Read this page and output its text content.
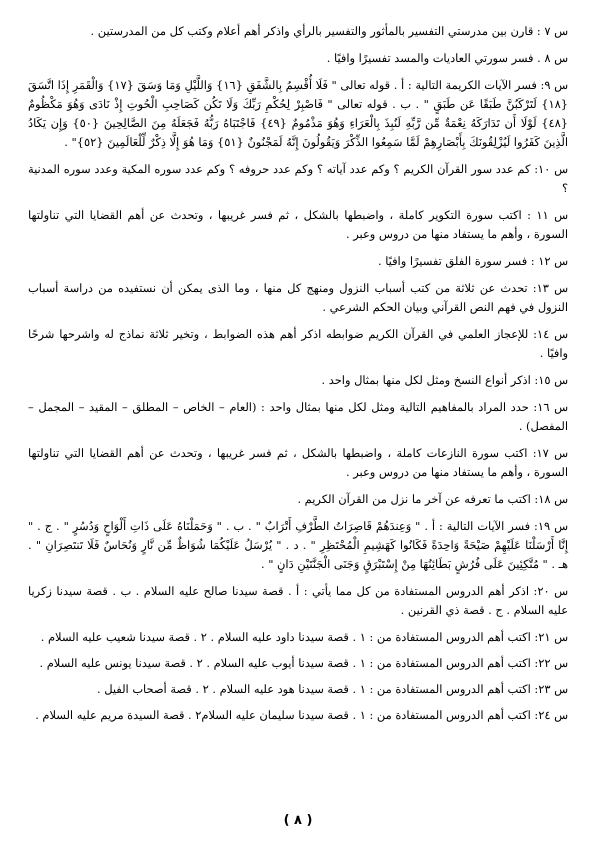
س ٧ : قارن بين مدرستي التفسير بالمأثور والتفسير بالرأي واذكر أهم أعلام وكتب كل من المدرستين .

س ٨ . فسر سورتي العاديات والمسد تفسيرًا وافيًا .

س ٩: فسر الآيات الكريمة التالية : أ . قوله تعالى " فَلَا أُقْسِمُ بِالشَّفَقِ {١٦} وَاللَّيْلِ وَمَا وَسَقَ {١٧} وَالْقَمَرِ إِذَا اتَّسَقَ {١٨} لَتَرْكَبُنَّ طَبَقًا عَن طَبَقٍ " . ب . قوله تعالى " فَاصْبِرْ لِحُكْمِ رَبِّكَ وَلَا تَكُن كَصَاحِبِ الْحُوتِ إِذْ نَادَى وَهُوَ مَكْظُومٌ {٤٨} لَوْلَا أَن تَدَارَكَهُ نِعْمَةٌ مِّن رَّبِّهِ لَنُبِذَ بِالْعَرَاءِ وَهُوَ مَذْمُومٌ {٤٩} فَاجْتَبَاهُ رَبُّهُ فَجَعَلَهُ مِنَ الصَّالِحِينَ {٥٠} وَإِن يَكَادُ الَّذِينَ كَفَرُوا لَيُزْلِقُونَكَ بِأَبْصَارِهِمْ لَمَّا سَمِعُوا الذِّكْرَ وَيَقُولُونَ إِنَّهُ لَمَجْنُونٌ {٥١} وَمَا هُوَ إِلَّا ذِكْرٌ لِّلْعَالَمِينَ {٥٢}" .

س ١٠: كم عدد سور القرآن الكريم ؟ وكم عدد آياته ؟ وكم عدد حروفه ؟ وكم عدد سوره المكية وعدد سوره المدنية ؟

س ١١ : اكتب سورة التكوير كاملة ، واضبطها بالشكل ، ثم فسر غريبها ، وتحدث عن أهم القضايا التي تناولتها السورة ، وأهم ما يستفاد منها من دروس وعبر .

س ١٢ : فسر سورة الفلق تفسيرًا وافيًا .

س ١٣: تحدث عن ثلاثة من كتب أسباب النزول ومنهج كل منها ، وما الذى يمكن أن نستفيده من دراسة أسباب النزول في فهم النص القرآني وبيان الحكم الشرعي .

س ١٤: للإعجاز العلمي في القرآن الكريم ضوابطه اذكر أهم هذه الضوابط ، وتخير ثلاثة نماذج له واشرحها شرحًا وافيًا .

س ١٥: اذكر أنواع النسخ ومثل لكل منها بمثال واحد .

س ١٦: حدد المراد بالمفاهيم التالية ومثل لكل منها بمثال واحد : (العام – الخاص – المطلق – المقيد – المجمل – المفصل) .

س ١٧: اكتب سورة النازعات كاملة ، واضبطها بالشكل ، ثم فسر غريبها ، وتحدث عن أهم القضايا التي تناولتها السورة ، وأهم ما يستفاد منها من دروس وعبر .

س ١٨: اكتب ما تعرفه عن آخر ما نزل من القرآن الكريم .

س ١٩: فسر الآيات التالية : أ . " وَعِندَهُمْ قَاصِرَاتُ الطَّرْفِ أَتْرَابٌ " . ب . " وَحَمَلْنَاهُ عَلَى ذَاتِ أَلْوَاحٍ وَدُسُرٍ " . ج . " إِنَّا أَرْسَلْنَا عَلَيْهِمْ صَيْحَةً وَاحِدَةً فَكَانُوا كَهَشِيمِ الْمُحْتَظِرِ " . د . " يُرْسَلُ عَلَيْكُمَا شُوَاظٌ مِّن نَّارٍ وَنُحَاسٌ فَلَا تَنتَصِرَانِ " . هـ . " مُتَّكِئِينَ عَلَى فُرُشٍ بَطَائِنُهَا مِنْ إِسْتَبْرَقٍ وَجَنَى الْجَنَّتَيْنِ دَانٍ " .

س ٢٠: اذكر أهم الدروس المستفادة من كل مما يأتي : أ . قصة سيدنا صالح عليه السلام . ب . قصة سيدنا زكريا عليه السلام . ج . قصة ذي القرنين .

س ٢١: اكتب أهم الدروس المستفادة من : ١ . قصة سيدنا داود عليه السلام . ٢ . قصة سيدنا شعيب عليه السلام .

س ٢٢: اكتب أهم الدروس المستفادة من : ١ . قصة سيدنا أيوب عليه السلام . ٢ . قصة سيدنا يونس عليه السلام .

س ٢٣: اكتب أهم الدروس المستفادة من : ١ . قصة سيدنا هود عليه السلام . ٢ . قصة أصحاب الفيل .

س ٢٤: اكتب أهم الدروس المستفادة من : ١ . قصة سيدنا سليمان عليه السلام٢ . قصة السيدة مريم عليه السلام .

( ٨ )
